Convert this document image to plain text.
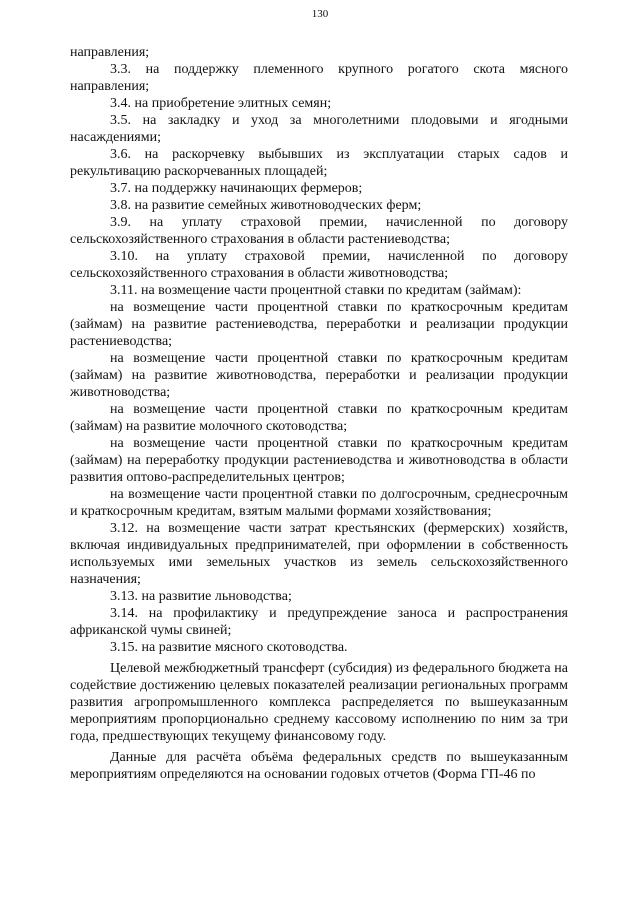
130

направления;

3.3. на поддержку племенного крупного рогатого скота мясного направления;

3.4. на приобретение элитных семян;

3.5. на закладку и уход за многолетними плодовыми и ягодными насаждениями;

3.6. на раскорчевку выбывших из эксплуатации старых садов и рекультивацию раскорчеванных площадей;

3.7. на поддержку начинающих фермеров;

3.8. на развитие семейных животноводческих ферм;

3.9. на уплату страховой премии, начисленной по договору сельскохозяйственного страхования в области растениеводства;

3.10. на уплату страховой премии, начисленной по договору сельскохозяйственного страхования в области животноводства;

3.11. на возмещение части процентной ставки по кредитам (займам):

на возмещение части процентной ставки по краткосрочным кредитам (займам) на развитие растениеводства, переработки и реализации продукции растениеводства;

на возмещение части процентной ставки по краткосрочным кредитам (займам) на развитие животноводства, переработки и реализации продукции животноводства;

на возмещение части процентной ставки по краткосрочным кредитам (займам) на развитие молочного скотоводства;

на возмещение части процентной ставки по краткосрочным кредитам (займам) на переработку продукции растениеводства и животноводства в области развития оптово-распределительных центров;

на возмещение части процентной ставки по долгосрочным, среднесрочным и краткосрочным кредитам, взятым малыми формами хозяйствования;

3.12. на возмещение части затрат крестьянских (фермерских) хозяйств, включая индивидуальных предпринимателей, при оформлении в собственность используемых ими земельных участков из земель сельскохозяйственного назначения;

3.13. на развитие льноводства;

3.14. на профилактику и предупреждение заноса и распространения африканской чумы свиней;

3.15. на развитие мясного скотоводства.

Целевой межбюджетный трансферт (субсидия) из федерального бюджета на содействие достижению целевых показателей реализации региональных программ развития агропромышленного комплекса распределяется по вышеуказанным мероприятиям пропорционально среднему кассовому исполнению по ним за три года, предшествующих текущему финансовому году.

Данные для расчёта объёма федеральных средств по вышеуказанным мероприятиям определяются на основании годовых отчетов (Форма ГП-46 по
